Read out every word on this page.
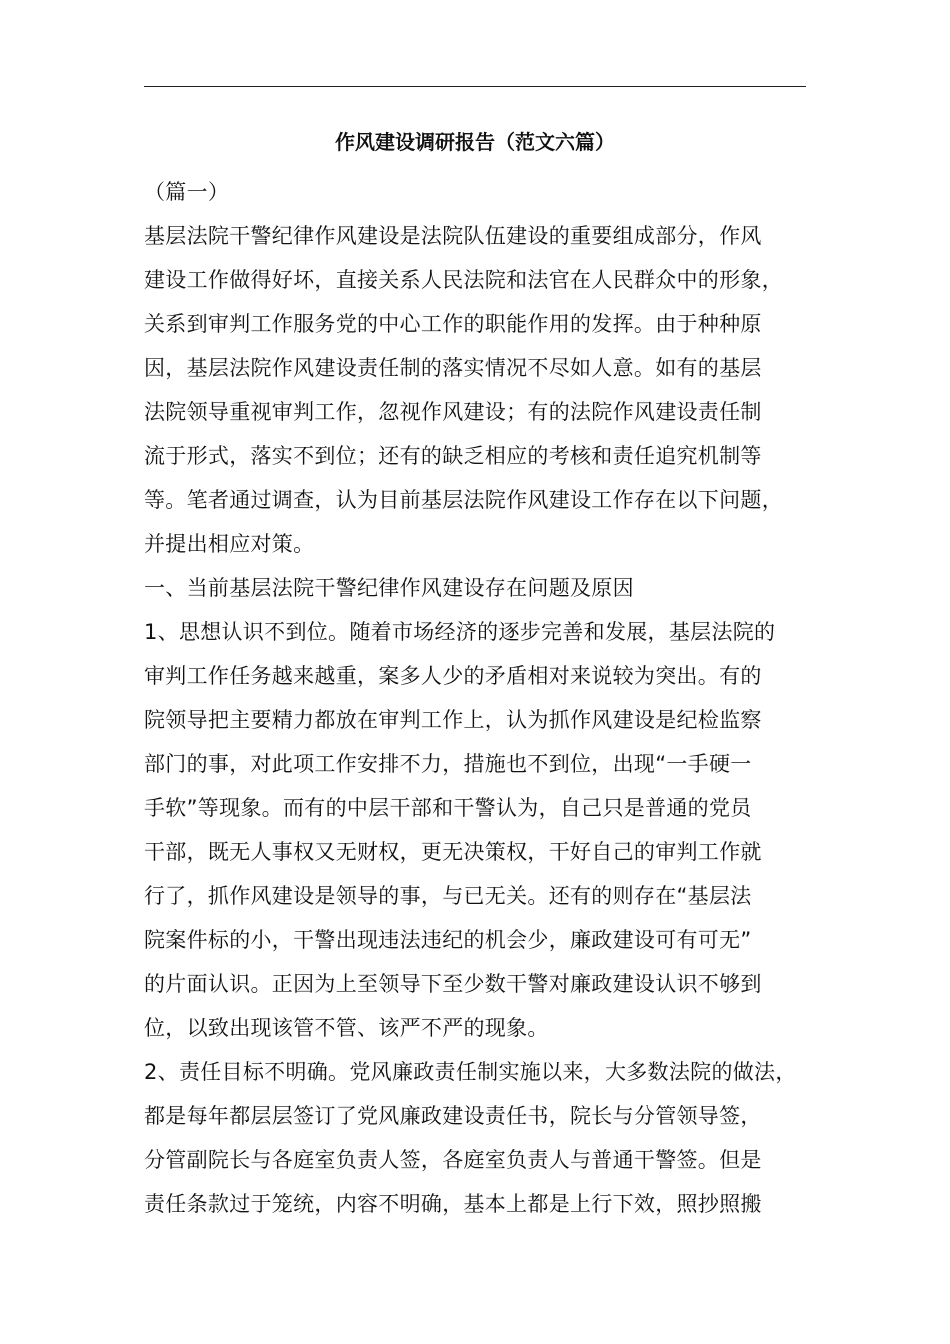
作风建设调研报告（范文六篇）
（篇一）
基层法院干警纪律作风建设是法院队伍建设的重要组成部分，作风
建设工作做得好坏，直接关系人民法院和法官在人民群众中的形象，
关系到审判工作服务党的中心工作的职能作用的发挥。由于种种原
因，基层法院作风建设责任制的落实情况不尽如人意。如有的基层
法院领导重视审判工作，忽视作风建设；有的法院作风建设责任制
流于形式，落实不到位；还有的缺乏相应的考核和责任追究机制等
等。笔者通过调查，认为目前基层法院作风建设工作存在以下问题，
并提出相应对策。
一、当前基层法院干警纪律作风建设存在问题及原因
1、思想认识不到位。随着市场经济的逐步完善和发展，基层法院的
审判工作任务越来越重，案多人少的矛盾相对来说较为突出。有的
院领导把主要精力都放在审判工作上，认为抓作风建设是纪检监察
部门的事，对此项工作安排不力，措施也不到位，出现“一手硬一
手软”等现象。而有的中层干部和干警认为，自己只是普通的党员
干部，既无人事权又无财权，更无决策权，干好自己的审判工作就
行了，抓作风建设是领导的事，与已无关。还有的则存在“基层法
院案件标的小，干警出现违法违纪的机会少，廉政建设可有可无”
的片面认识。正因为上至领导下至少数干警对廉政建设认识不够到
位，以致出现该管不管、该严不严的现象。
2、责任目标不明确。党风廉政责任制实施以来，大多数法院的做法，
都是每年都层层签订了党风廉政建设责任书，院长与分管领导签，
分管副院长与各庭室负责人签，各庭室负责人与普通干警签。但是
责任条款过于笼统，内容不明确，基本上都是上行下效，照抄照搬
